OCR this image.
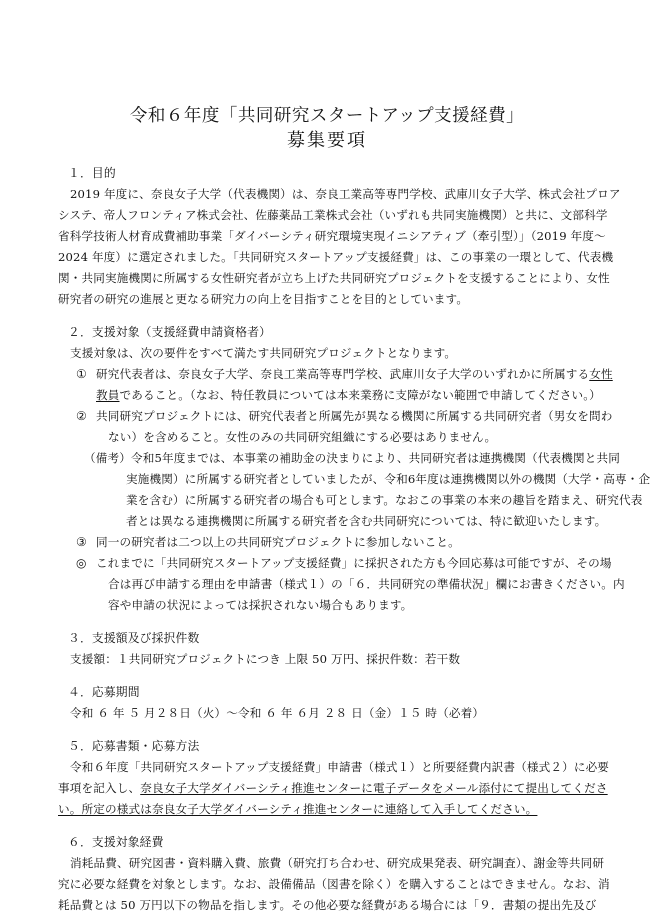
令和６年度「共同研究スタートアップ支援経費」
募集要項
１．目的
2019 年度に、奈良女子大学（代表機関）は、奈良工業高等専門学校、武庫川女子大学、株式会社プロア
システ、帝人フロンティア株式会社、佐藤薬品工業株式会社（いずれも共同実施機関）と共に、文部科学
省科学技術人材育成費補助事業「ダイバーシティ研究環境実現イニシアティブ（牽引型）」（2019 年度～
2024 年度）に選定されました。「共同研究スタートアップ支援経費」は、この事業の一環として、代表機
関・共同実施機関に所属する女性研究者が立ち上げた共同研究プロジェクトを支援することにより、女性
研究者の研究の進展と更なる研究力の向上を目指すことを目的としています。
２．支援対象（支援経費申請資格者）
支援対象は、次の要件をすべて満たす共同研究プロジェクトとなります。
① 研究代表者は、奈良女子大学、奈良工業高等専門学校、武庫川女子大学のいずれかに所属する女性
教員であること。（なお、特任教員については本来業務に支障がない範囲で申請してください。）
② 共同研究プロジェクトには、研究代表者と所属先が異なる機関に所属する共同研究者（男女を問わ
ない）を含めること。女性のみの共同研究組織にする必要はありません。
（備考）令和5年度までは、本事業の補助金の決まりにより、共同研究者は連携機関（代表機関と共同
実施機関）に所属する研究者としていましたが、令和6年度は連携機関以外の機関（大学・高専・企
業を含む）に所属する研究者の場合も可とします。なおこの事業の本来の趣旨を踏まえ、研究代表
者とは異なる連携機関に所属する研究者を含む共同研究については、特に歓迎いたします。
③ 同一の研究者は二つ以上の共同研究プロジェクトに参加しないこと。
◎ これまでに「共同研究スタートアップ支援経費」に採択された方も今回応募は可能ですが、その場
合は再び申請する理由を申請書（様式１）の「６．共同研究の準備状況」欄にお書きください。内
容や申請の状況によっては採択されない場合もあります。
３．支援額及び採択件数
支援額：１共同研究プロジェクトにつき 上限 50 万円、採択件数：若干数
４．応募期間
令和 ６ 年 ５ 月２８日（火）～令和 ６ 年 ６月 ２８ 日（金）１５ 時（必着）
５．応募書類・応募方法
令和６年度「共同研究スタートアップ支援経費」申請書（様式１）と所要経費内訳書（様式２）に必要
事項を記入し、奈良女子大学ダイバーシティ推進センターに電子データをメール添付にて提出してくださ
い。所定の様式は奈良女子大学ダイバーシティ推進センターに連絡して入手してください。
６．支援対象経費
消耗品費、研究図書・資料購入費、旅費（研究打ち合わせ、研究成果発表、研究調査）、謝金等共同研
究に必要な経費を対象とします。なお、設備備品（図書を除く）を購入することはできません。なお、消
耗品費とは 50 万円以下の物品を指します。その他必要な経費がある場合には「９．書類の提出先及び
